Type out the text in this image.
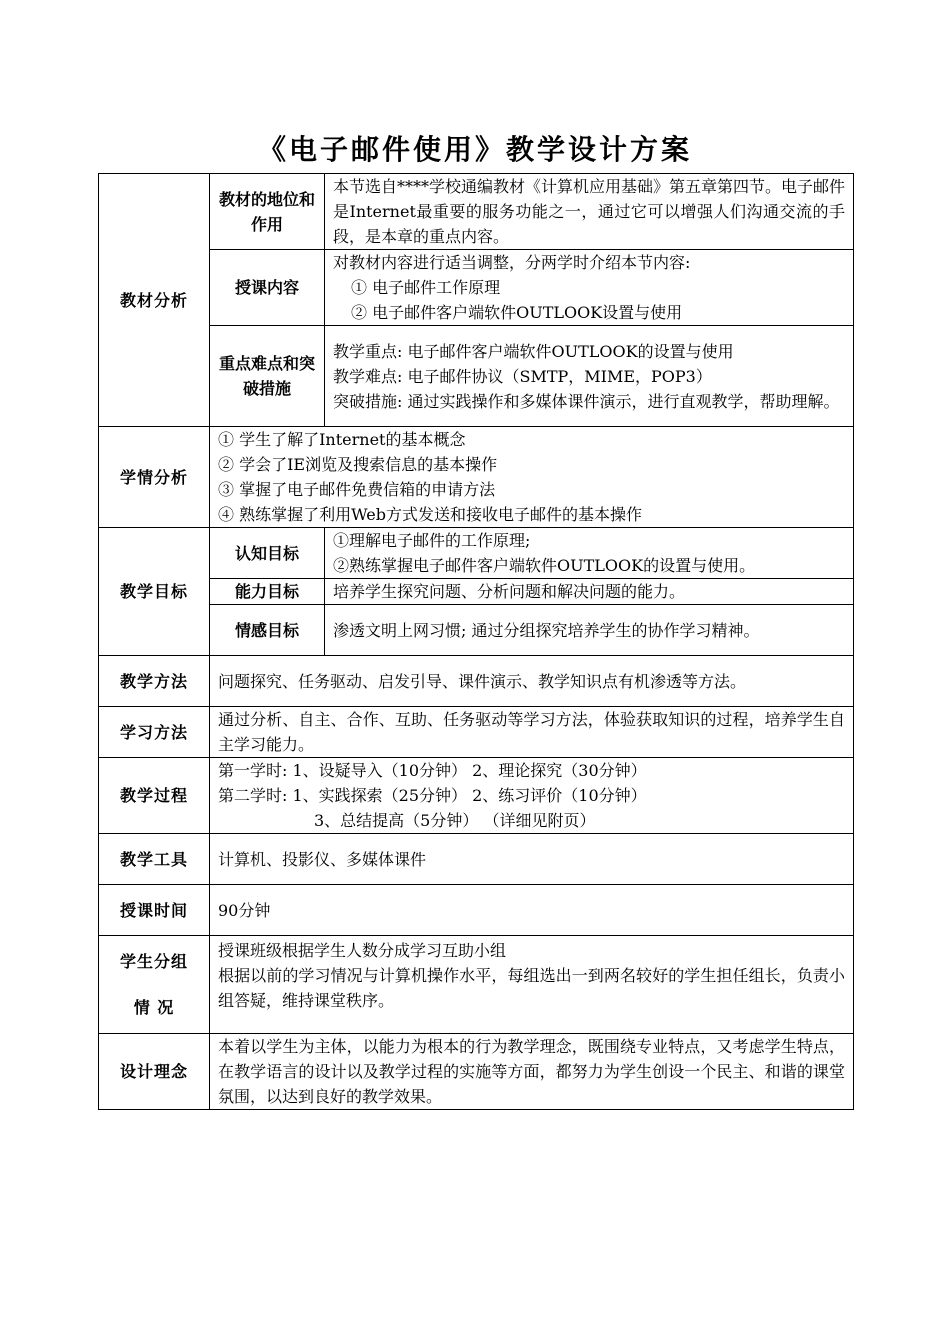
《电子邮件使用》教学设计方案
教材分析	教材的地位和作用	本节选自****学校通编教材《计算机应用基础》第五章第四节。电子邮件是Internet最重要的服务功能之一，通过它可以增强人们沟通交流的手段，是本章的重点内容。
	授课内容	对教材内容进行适当调整，分两学时介绍本节内容:
① 电子邮件工作原理
② 电子邮件客户端软件OUTLOOK设置与使用

	重点难点和突破措施	教学重点: 电子邮件客户端软件OUTLOOK的设置与使用
教学难点: 电子邮件协议（SMTP，MIME，POP3）
突破措施: 通过实践操作和多媒体课件演示，进行直观教学，帮助理解。

学情分析	① 学生了解了Internet的基本概念
② 学会了IE浏览及搜索信息的基本操作
③ 掌握了电子邮件免费信箱的申请方法
④ 熟练掌握了利用Web方式发送和接收电子邮件的基本操作	

教学目标	认知目标	①理解电子邮件的工作原理;
②熟练掌握电子邮件客户端软件OUTLOOK的设置与使用。

	能力目标	培养学生探究问题、分析问题和解决问题的能力。
	情感目标	渗透文明上网习惯; 通过分组探究培养学生的协作学习精神。
教学方法	问题探究、任务驱动、启发引导、课件演示、教学知识点有机渗透等方法。	
学习方法	通过分析、自主、合作、互助、任务驱动等学习方法，体验获取知识的过程，培养学生自主学习能力。	
教学过程	第一学时: 1、设疑导入（10分钟） 2、理论探究（30分钟）
第二学时: 1、实践探索（25分钟） 2、练习评价（10分钟）
3、总结提高（5分钟） （详细见附页）	

教学工具	计算机、投影仪、多媒体课件	
授课时间	90分钟	

学生分组
情 况	授课班级根据学生人数分成学习互助小组
根据以前的学习情况与计算机操作水平，每组选出一到两名较好的学生担任组长，负责小组答疑，维持课堂秩序。	

设计理念	本着以学生为主体，以能力为根本的行为教学理念，既围绕专业特点，又考虑学生特点，在教学语言的设计以及教学过程的实施等方面，都努力为学生创设一个民主、和谐的课堂氛围，以达到良好的教学效果。	
